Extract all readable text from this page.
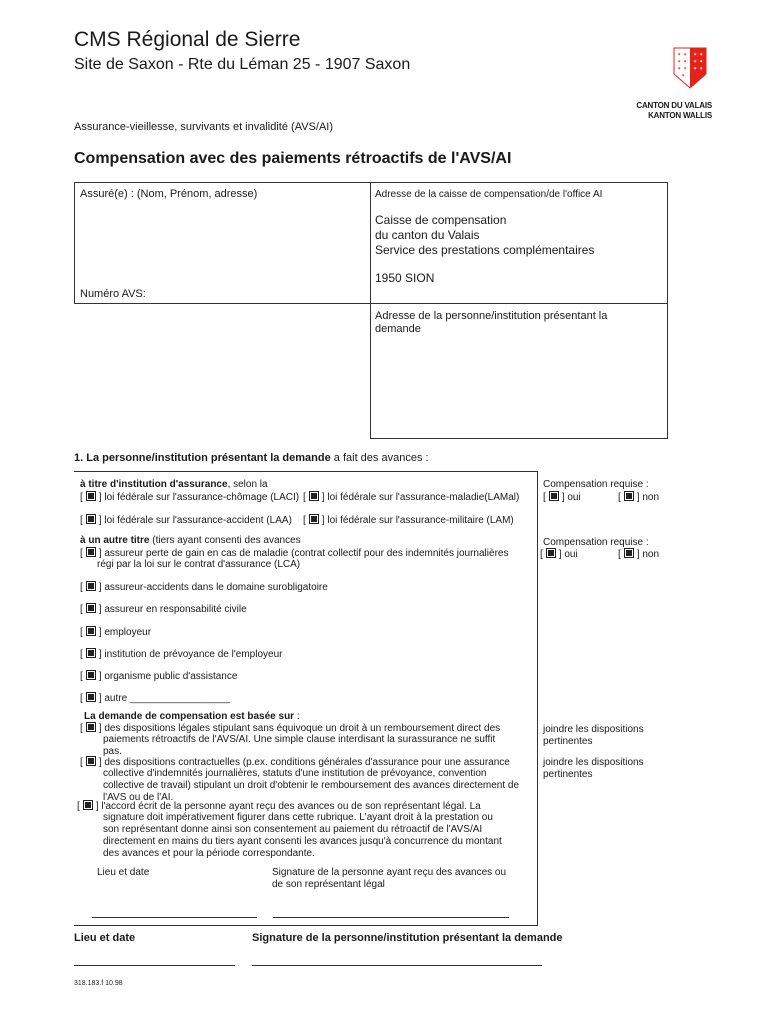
CMS Régional de Sierre
Site de Saxon - Rte du Léman 25 - 1907 Saxon
✶ ✶
✶ ✶
✶ ✶
✶
✶ ✶
✶ ✶
✶ ✶
CANTON DU VALAIS
KANTON WALLIS
Assurance-vieillesse, survivants et invalidité (AVS/AI)
Compensation avec des paiements rétroactifs de l'AVS/AI
Assuré(e) : (Nom, Prénom, adresse)
Numéro AVS:
Adresse de la caisse de compensation/de l'office AI
Caisse de compensation
du canton du Valais
Service des prestations complémentaires
1950 SION
Adresse de la personne/institution présentant la
demande
1. La personne/institution présentant la demande a fait des avances :
à titre d'institution d'assurance, selon la
[  ] loi fédérale sur l'assurance-chômage (LACI) [  ]	loi fédérale sur l'assurance-maladie(LAMal)
[  ] loi fédérale sur l'assurance-accident (LAA) [  ]	loi fédérale sur l'assurance-militaire (LAM)
Compensation requise :
[  ] oui [  ]	non
à un autre titre (tiers ayant consenti des avances
[  ] assureur perte de gain en cas de maladie (contrat collectif pour des indemnités journalières
régi par la loi sur le contrat d'assurance (LCA)
Compensation requise :
[  ] oui [  ]	non
[  ] assureur-accidents dans le domaine surobligatoire
[  ] assureur en responsabilité civile
[  ] employeur
[  ] institution de prévoyance de l'employeur
[  ] organisme public d'assistance
[  ] autre __________________
La demande de compensation est basée sur :
[  ] des dispositions légales stipulant sans équivoque un droit à un remboursement direct des
paiements rétroactifs de l'AVS/AI. Une simple clause interdisant la surassurance ne suffit
pas.
[  ] des dispositions contractuelles (p.ex. conditions générales d'assurance pour une assurance
collective d'indemnités journalières, statuts d'une institution de prévoyance, convention
collective de travail) stipulant un droit d'obtenir le remboursement des avances directement de
l'AVS ou de l'AI.
[  ] l'accord écrit de la personne ayant reçu des avances ou de son représentant légal. La
signature doit impérativement figurer dans cette rubrique. L'ayant droit à la prestation ou
son représentant donne ainsi son consentement au paiement du rétroactif de l'AVS/AI
directement en mains du tiers ayant consenti les avances jusqu'à concurrence du montant
des avances et pour la période correspondante.
joindre les dispositions
pertinentes
joindre les dispositions
pertinentes
Lieu et date	Signature de la personne ayant reçu des avances ou
de son représentant légal
Lieu et date	Signature de la personne/institution présentant la demande
318.183.f 10.98
